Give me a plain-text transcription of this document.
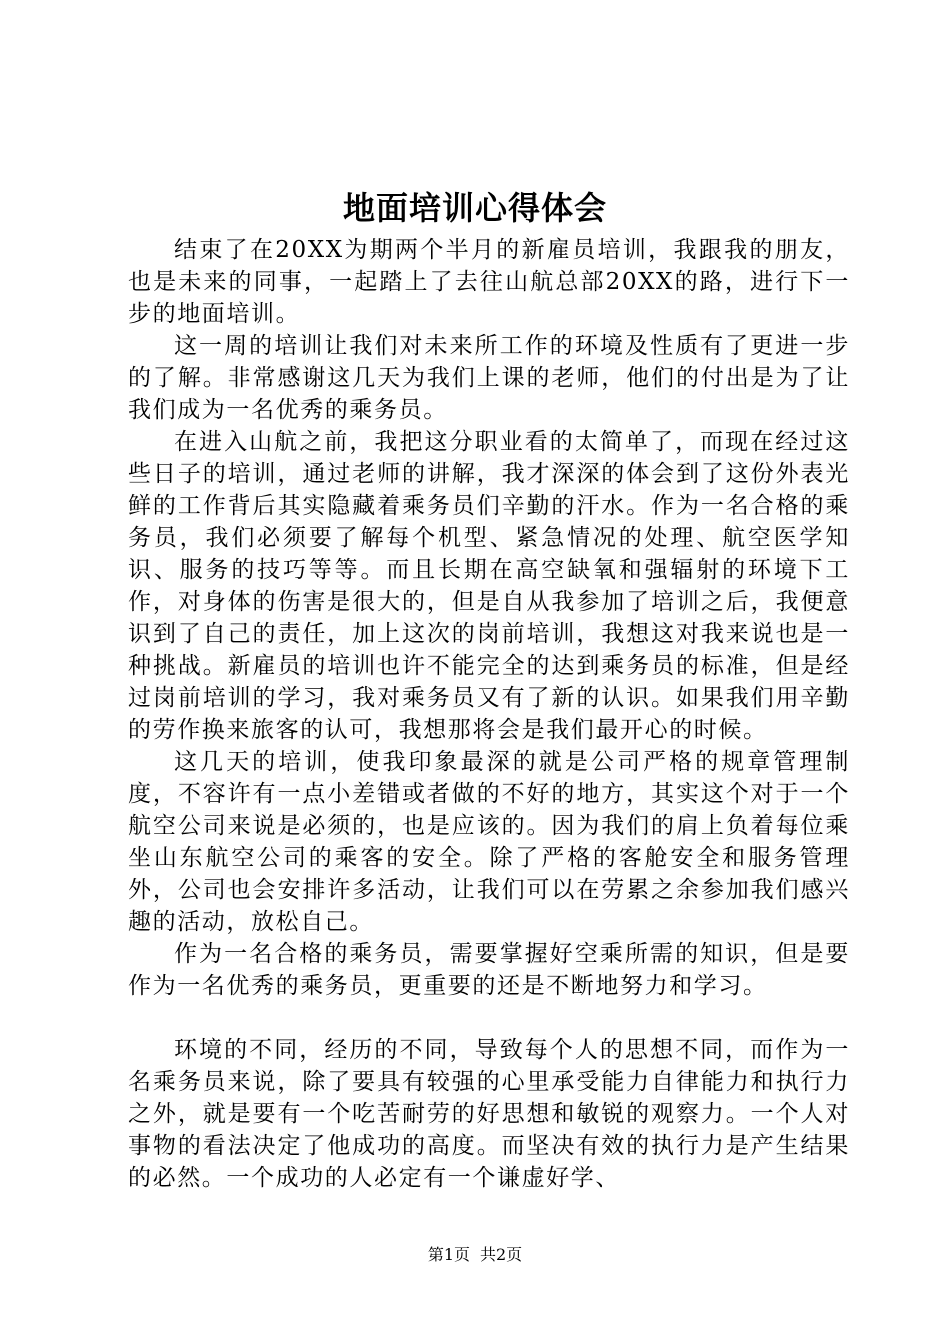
地面培训心得体会

结束了在20XX为期两个半月的新雇员培训，我跟我的朋友，也是未来的同事，一起踏上了去往山航总部20XX的路，进行下一步的地面培训。

这一周的培训让我们对未来所工作的环境及性质有了更进一步的了解。非常感谢这几天为我们上课的老师，他们的付出是为了让我们成为一名优秀的乘务员。

在进入山航之前，我把这分职业看的太简单了，而现在经过这些日子的培训，通过老师的讲解，我才深深的体会到了这份外表光鲜的工作背后其实隐藏着乘务员们辛勤的汗水。作为一名合格的乘务员，我们必须要了解每个机型、紧急情况的处理、航空医学知识、服务的技巧等等。而且长期在高空缺氧和强辐射的环境下工作，对身体的伤害是很大的，但是自从我参加了培训之后，我便意识到了自己的责任，加上这次的岗前培训，我想这对我来说也是一种挑战。新雇员的培训也许不能完全的达到乘务员的标准，但是经过岗前培训的学习，我对乘务员又有了新的认识。如果我们用辛勤的劳作换来旅客的认可，我想那将会是我们最开心的时候。

这几天的培训，使我印象最深的就是公司严格的规章管理制度，不容许有一点小差错或者做的不好的地方，其实这个对于一个航空公司来说是必须的，也是应该的。因为我们的肩上负着每位乘坐山东航空公司的乘客的安全。除了严格的客舱安全和服务管理外，公司也会安排许多活动，让我们可以在劳累之余参加我们感兴趣的活动，放松自己。

作为一名合格的乘务员，需要掌握好空乘所需的知识，但是要作为一名优秀的乘务员，更重要的还是不断地努力和学习。

环境的不同，经历的不同，导致每个人的思想不同，而作为一名乘务员来说，除了要具有较强的心里承受能力自律能力和执行力之外，就是要有一个吃苦耐劳的好思想和敏锐的观察力。一个人对事物的看法决定了他成功的高度。而坚决有效的执行力是产生结果的必然。一个成功的人必定有一个谦虚好学、

第1页 共2页
